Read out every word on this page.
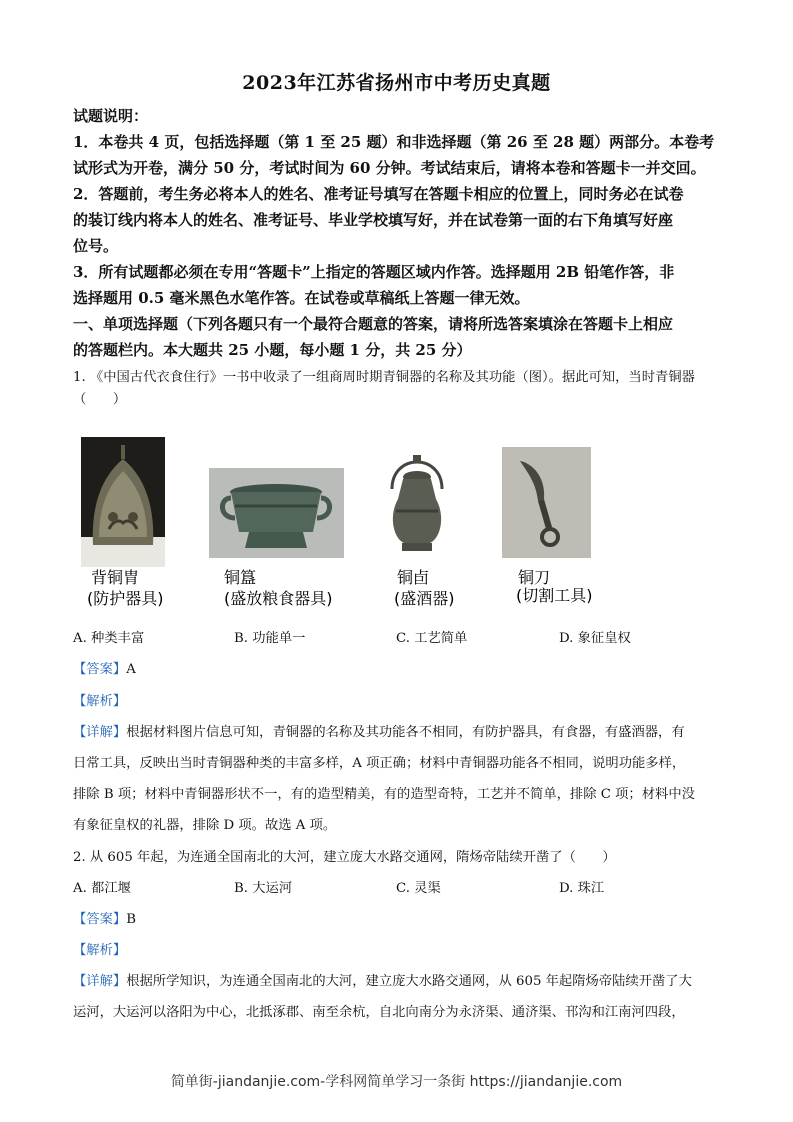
2023年江苏省扬州市中考历史真题
试题说明：
1．本卷共 4 页，包括选择题（第 1 至 25 题）和非选择题（第 26 至 28 题）两部分。本卷考
试形式为开卷，满分 50 分，考试时间为 60 分钟。考试结束后，请将本卷和答题卡一并交回。
2．答题前，考生务必将本人的姓名、准考证号填写在答题卡相应的位置上，同时务必在试卷
的装订线内将本人的姓名、准考证号、毕业学校填写好，并在试卷第一面的右下角填写好座
位号。
3．所有试题都必须在专用“答题卡”上指定的答题区域内作答。选择题用 2B 铅笔作答，非
选择题用 0.5 毫米黑色水笔作答。在试卷或草稿纸上答题一律无效。
一、单项选择题（下列各题只有一个最符合题意的答案，请将所选答案填涂在答题卡上相应
的答题栏内。本大题共 25 小题，每小题 1 分，共 25 分）
1. 《中国古代衣食住行》一书中收录了一组商周时期青铜器的名称及其功能（图）。据此可知，当时青铜器
（　　）
背铜胄
(防护器具)
铜簋
(盛放粮食器具)
铜卣
(盛酒器)
铜刀
(切割工具)
A. 种类丰富	B. 功能单一	C. 工艺简单	D. 象征皇权
【答案】A
【解析】
【详解】根据材料图片信息可知，青铜器的名称及其功能各不相同，有防护器具，有食器，有盛酒器，有
日常工具，反映出当时青铜器种类的丰富多样，A 项正确；材料中青铜器功能各不相同，说明功能多样，
排除 B 项；材料中青铜器形状不一，有的造型精美，有的造型奇特，工艺并不简单，排除 C 项；材料中没
有象征皇权的礼器，排除 D 项。故选 A 项。
2. 从 605 年起，为连通全国南北的大河，建立庞大水路交通网，隋炀帝陆续开凿了（　　）
A. 都江堰	B. 大运河	C. 灵渠	D. 珠江
【答案】B
【解析】
【详解】根据所学知识，为连通全国南北的大河，建立庞大水路交通网，从 605 年起隋炀帝陆续开凿了大
运河，大运河以洛阳为中心，北抵涿郡、南至余杭，自北向南分为永济渠、通济渠、邗沟和江南河四段，
简单街-jiandanjie.com-学科网简单学习一条街 https://jiandanjie.com
